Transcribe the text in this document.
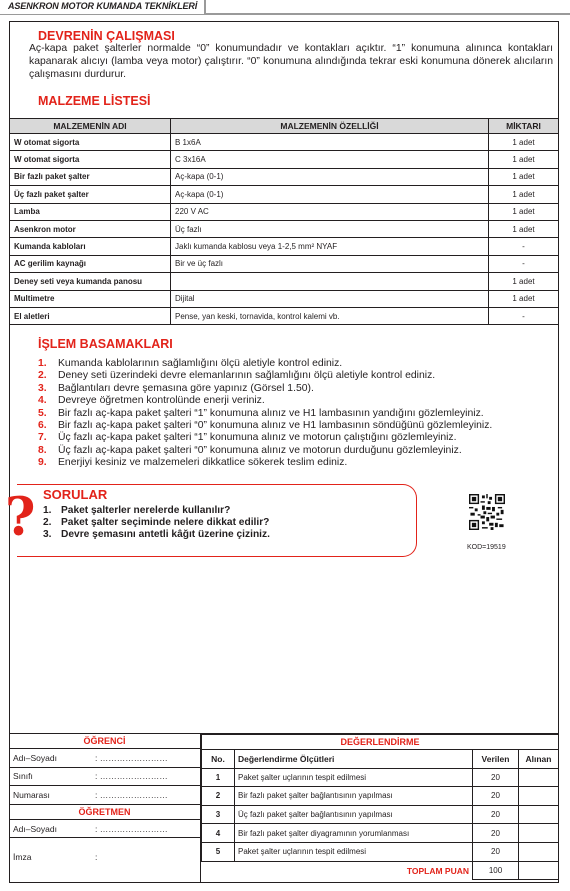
ASENKRON MOTOR KUMANDA TEKNİKLERİ
DEVRENİN ÇALIŞMASI
Aç-kapa paket şalterler normalde “0” konumundadır ve kontakları açıktır. “1” konumuna alınınca kontakları kapanarak alıcıyı (lamba veya motor) çalıştırır. “0” konumuna alındığında tekrar eski konumuna dönerek alıcıların çalışmasını durdurur.
MALZEME LİSTESİ
MALZEMENİN ADI	MALZEMENİN ÖZELLİĞİ	MİKTARI
W otomat sigorta	B 1x6A	1 adet
W otomat sigorta	C 3x16A	1 adet
Bir fazlı paket şalter	Aç-kapa (0-1)	1 adet
Üç fazlı paket şalter	Aç-kapa (0-1)	1 adet
Lamba	220 V AC	1 adet
Asenkron motor	Üç fazlı	1 adet
Kumanda kabloları	Jaklı kumanda kablosu veya 1-2,5 mm² NYAF	-
AC gerilim kaynağı	Bir ve üç fazlı	-
Deney seti veya kumanda panosu		1 adet
Multimetre	Dijital	1 adet
El aletleri	Pense, yan keski, tornavida, kontrol kalemi vb.	-
İŞLEM BASAMAKLARI
1.	Kumanda kablolarının sağlamlığını ölçü aletiyle kontrol ediniz.
2.	Deney seti üzerindeki devre elemanlarının sağlamlığını ölçü aletiyle kontrol ediniz.
3.	Bağlantıları devre şemasına göre yapınız (Görsel 1.50).
4.	Devreye öğretmen kontrolünde enerji veriniz.
5.	Bir fazlı aç-kapa paket şalteri “1” konumuna alınız ve H1 lambasının yandığını gözlemleyiniz.
6.	Bir fazlı aç-kapa paket şalteri “0” konumuna alınız ve H1 lambasının söndüğünü gözlemleyiniz.
7.	Üç fazlı aç-kapa paket şalteri “1” konumuna alınız ve motorun çalıştığını gözlemleyiniz.
8.	Üç fazlı aç-kapa paket şalteri “0” konumuna alınız ve motorun durduğunu gözlemleyiniz.
9.	Enerjiyi kesiniz ve malzemeleri dikkatlice sökerek teslim ediniz.
? SORULAR
1. Paket şalterler nerelerde kullanılır?
2. Paket şalter seçiminde nelere dikkat edilir?
3. Devre şemasını antetli kâğıt üzerine çiziniz.
KOD=19519
ÖĞRENCİ
Adı–Soyadı	: ……………………
Sınıfı	: ……………………
Numarası	: ……………………
ÖĞRETMEN
Adı–Soyadı	: ……………………
İmza	:
DEĞERLENDİRME			
No.	Değerlendirme Ölçütleri	Verilen	Alınan
1	Paket şalter uçlarının tespit edilmesi	20	
2	Bir fazlı paket şalter bağlantısının yapılması	20	
3	Üç fazlı paket şalter bağlantısının yapılması	20	
4	Bir fazlı paket şalter diyagramının yorumlanması	20	
5	Paket şalter uçlarının tespit edilmesi	20	
TOPLAM PUAN		100	
